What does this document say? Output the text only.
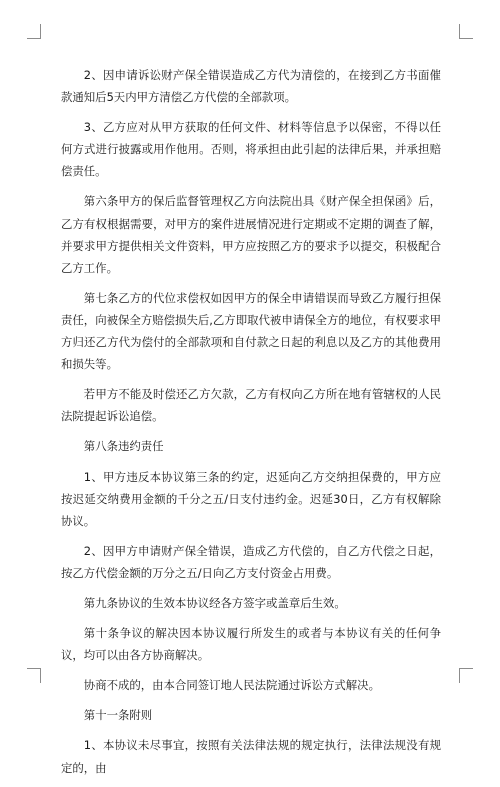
2、因申请诉讼财产保全错误造成乙方代为清偿的，在接到乙方书面催款通知后5天内甲方清偿乙方代偿的全部款项。

3、乙方应对从甲方获取的任何文件、材料等信息予以保密，不得以任何方式进行披露或用作他用。否则，将承担由此引起的法律后果，并承担赔偿责任。

第六条甲方的保后监督管理权乙方向法院出具《财产保全担保函》后，乙方有权根据需要，对甲方的案件进展情况进行定期或不定期的调查了解，并要求甲方提供相关文件资料，甲方应按照乙方的要求予以提交，积极配合乙方工作。

第七条乙方的代位求偿权如因甲方的保全申请错误而导致乙方履行担保责任，向被保全方赔偿损失后,乙方即取代被申请保全方的地位，有权要求甲方归还乙方代为偿付的全部款项和自付款之日起的利息以及乙方的其他费用和损失等。

若甲方不能及时偿还乙方欠款，乙方有权向乙方所在地有管辖权的人民法院提起诉讼追偿。

第八条违约责任

1、甲方违反本协议第三条的约定，迟延向乙方交纳担保费的，甲方应按迟延交纳费用金额的千分之五/日支付违约金。迟延30日，乙方有权解除协议。

2、因甲方申请财产保全错误，造成乙方代偿的，自乙方代偿之日起，按乙方代偿金额的万分之五/日向乙方支付资金占用费。

第九条协议的生效本协议经各方签字或盖章后生效。

第十条争议的解决因本协议履行所发生的或者与本协议有关的任何争议，均可以由各方协商解决。

协商不成的，由本合同签订地人民法院通过诉讼方式解决。

第十一条附则

1、本协议未尽事宜，按照有关法律法规的规定执行，法律法规没有规定的，由
